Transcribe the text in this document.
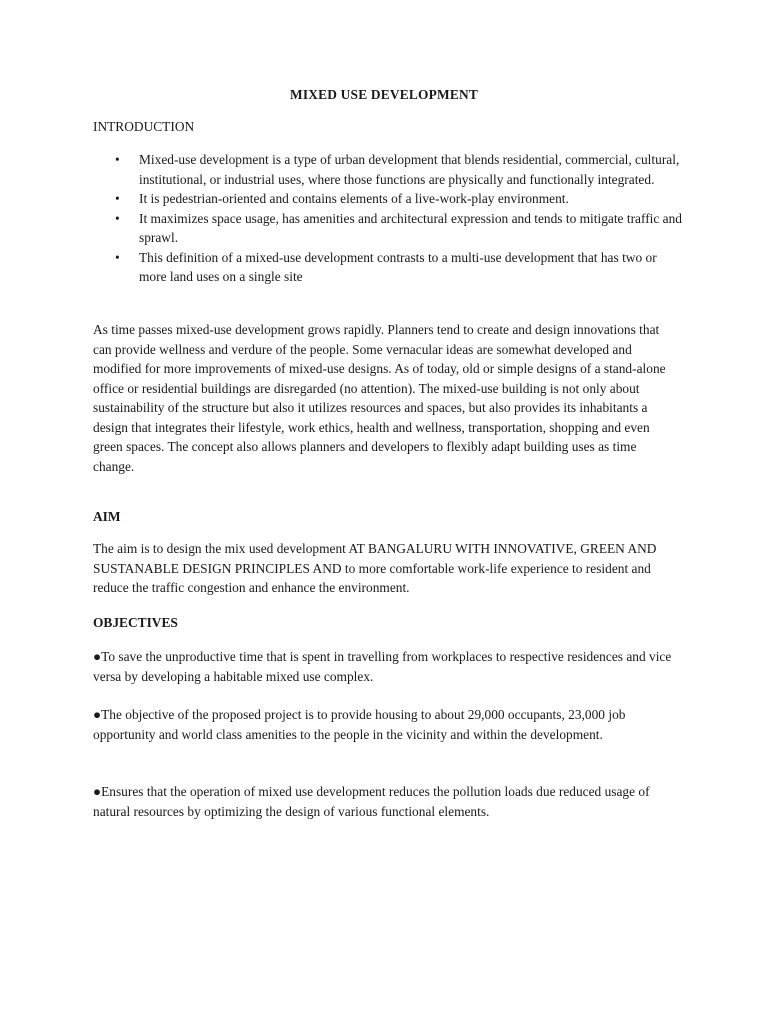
MIXED USE DEVELOPMENT
INTRODUCTION
• Mixed-use development is a type of urban development that blends residential, commercial, cultural, institutional, or industrial uses, where those functions are physically and functionally integrated.
• It is pedestrian-oriented and contains elements of a live-work-play environment.
• It maximizes space usage, has amenities and architectural expression and tends to mitigate traffic and sprawl.
• This definition of a mixed-use development contrasts to a multi-use development that has two or more land uses on a single site

As time passes mixed-use development grows rapidly. Planners tend to create and design innovations that can provide wellness and verdure of the people. Some vernacular ideas are somewhat developed and modified for more improvements of mixed-use designs. As of today, old or simple designs of a stand-alone office or residential buildings are disregarded (no attention). The mixed-use building is not only about sustainability of the structure but also it utilizes resources and spaces, but also provides its inhabitants a design that integrates their lifestyle, work ethics, health and wellness, transportation, shopping and even green spaces. The concept also allows planners and developers to flexibly adapt building uses as time change.

AIM

The aim is to design the mix used development AT BANGALURU WITH INNOVATIVE, GREEN AND SUSTANABLE DESIGN PRINCIPLES AND to more comfortable work-life experience to resident and reduce the traffic congestion and enhance the environment.

OBJECTIVES

●To save the unproductive time that is spent in travelling from workplaces to respective residences and vice versa by developing a habitable mixed use complex.

●The objective of the proposed project is to provide housing to about 29,000 occupants, 23,000 job opportunity and world class amenities to the people in the vicinity and within the development.

●Ensures that the operation of mixed use development reduces the pollution loads due reduced usage of natural resources by optimizing the design of various functional elements.
